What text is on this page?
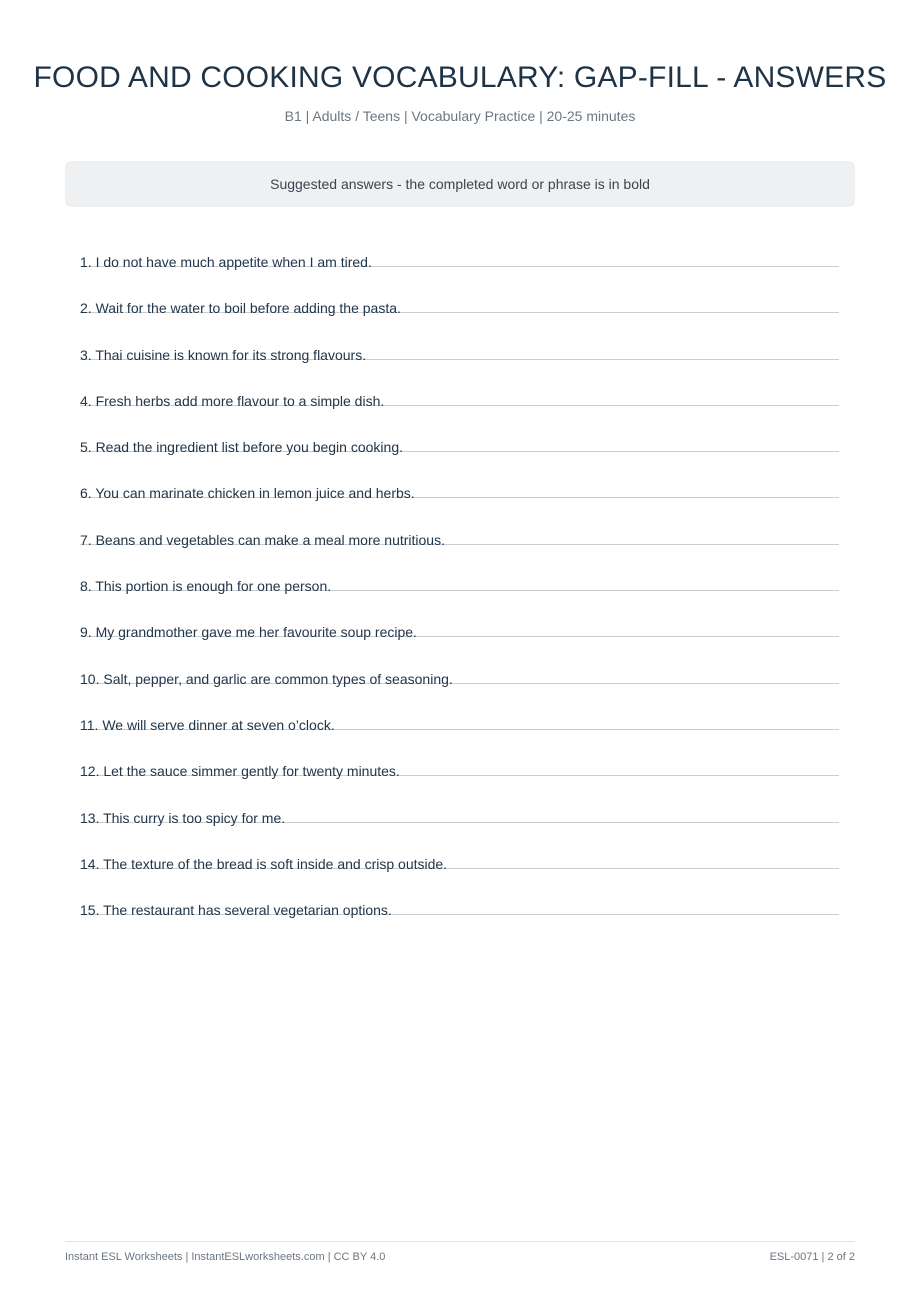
FOOD AND COOKING VOCABULARY: GAP-FILL - ANSWERS
B1 | Adults / Teens | Vocabulary Practice | 20-25 minutes
Suggested answers - the completed word or phrase is in bold
1. I do not have much appetite when I am tired.
2. Wait for the water to boil before adding the pasta.
3. Thai cuisine is known for its strong flavours.
4. Fresh herbs add more flavour to a simple dish.
5. Read the ingredient list before you begin cooking.
6. You can marinate chicken in lemon juice and herbs.
7. Beans and vegetables can make a meal more nutritious.
8. This portion is enough for one person.
9. My grandmother gave me her favourite soup recipe.
10. Salt, pepper, and garlic are common types of seasoning.
11. We will serve dinner at seven o’clock.
12. Let the sauce simmer gently for twenty minutes.
13. This curry is too spicy for me.
14. The texture of the bread is soft inside and crisp outside.
15. The restaurant has several vegetarian options.
Instant ESL Worksheets | InstantESLworksheets.com | CC BY 4.0	ESL-0071 | 2 of 2
